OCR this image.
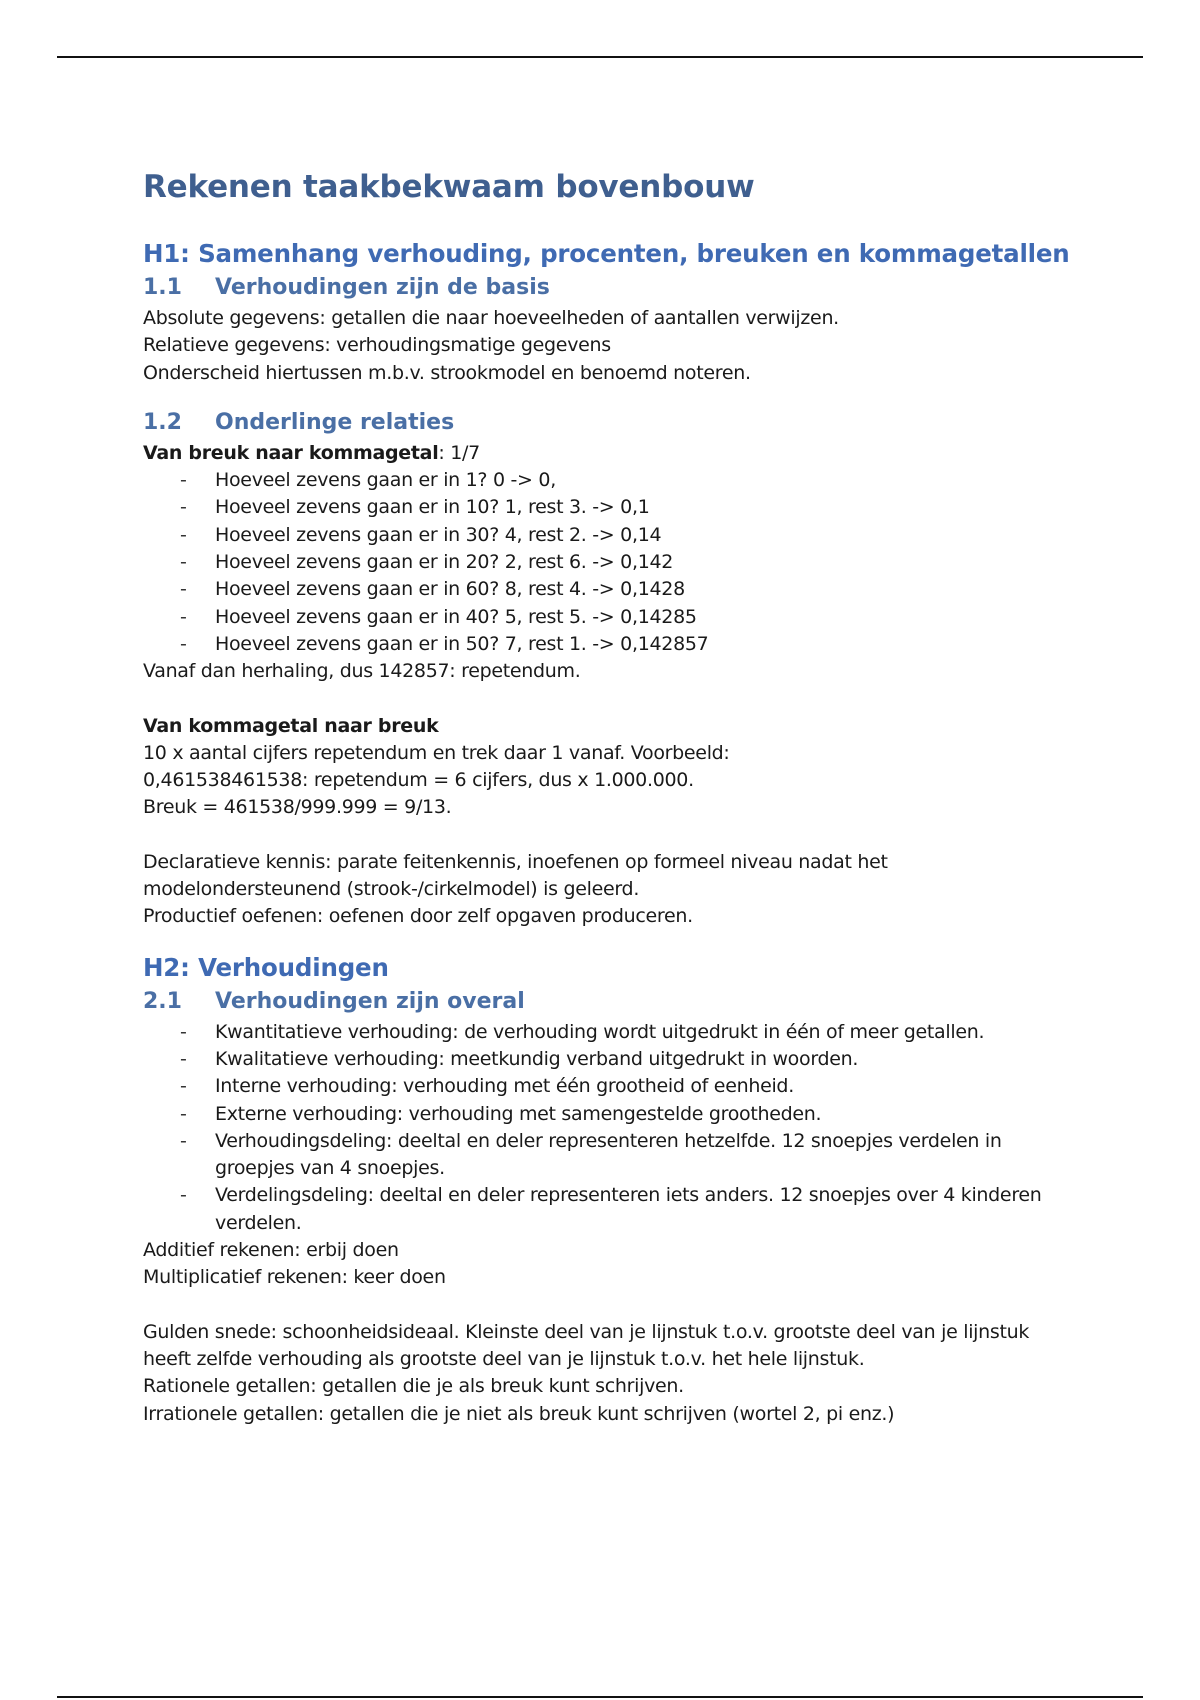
Rekenen taakbekwaam bovenbouw
H1: Samenhang verhouding, procenten, breuken en kommagetallen
1.1	Verhoudingen zijn de basis

Absolute gegevens: getallen die naar hoeveelheden of aantallen verwijzen.

Relatieve gegevens: verhoudingsmatige gegevens

Onderscheid hiertussen m.b.v. strookmodel en benoemd noteren.

1.2	Onderlinge relaties

Van breuk naar kommagetal: 1/7

- Hoeveel zevens gaan er in 1? 0 -> 0,
- Hoeveel zevens gaan er in 10? 1, rest 3. -> 0,1
- Hoeveel zevens gaan er in 30? 4, rest 2. -> 0,14
- Hoeveel zevens gaan er in 20? 2, rest 6. -> 0,142
- Hoeveel zevens gaan er in 60? 8, rest 4. -> 0,1428
- Hoeveel zevens gaan er in 40? 5, rest 5. -> 0,14285
- Hoeveel zevens gaan er in 50? 7, rest 1. -> 0,142857

Vanaf dan herhaling, dus 142857: repetendum.

Van kommagetal naar breuk

10 x aantal cijfers repetendum en trek daar 1 vanaf. Voorbeeld:

0,461538461538: repetendum = 6 cijfers, dus x 1.000.000.

Breuk = 461538/999.999 = 9/13.

Declaratieve kennis: parate feitenkennis, inoefenen op formeel niveau nadat het

modelondersteunend (strook-/cirkelmodel) is geleerd.

Productief oefenen: oefenen door zelf opgaven produceren.

H2: Verhoudingen
2.1	Verhoudingen zijn overal
- Kwantitatieve verhouding: de verhouding wordt uitgedrukt in één of meer getallen.
- Kwalitatieve verhouding: meetkundig verband uitgedrukt in woorden.
- Interne verhouding: verhouding met één grootheid of eenheid.
- Externe verhouding: verhouding met samengestelde grootheden.
- Verhoudingsdeling: deeltal en deler representeren hetzelfde. 12 snoepjes verdelen in groepjes van 4 snoepjes.
- Verdelingsdeling: deeltal en deler representeren iets anders. 12 snoepjes over 4 kinderen verdelen.

Additief rekenen: erbij doen

Multiplicatief rekenen: keer doen

Gulden snede: schoonheidsideaal. Kleinste deel van je lijnstuk t.o.v. grootste deel van je lijnstuk heeft zelfde verhouding als grootste deel van je lijnstuk t.o.v. het hele lijnstuk.

Rationele getallen: getallen die je als breuk kunt schrijven.

Irrationele getallen: getallen die je niet als breuk kunt schrijven (wortel 2, pi enz.)
